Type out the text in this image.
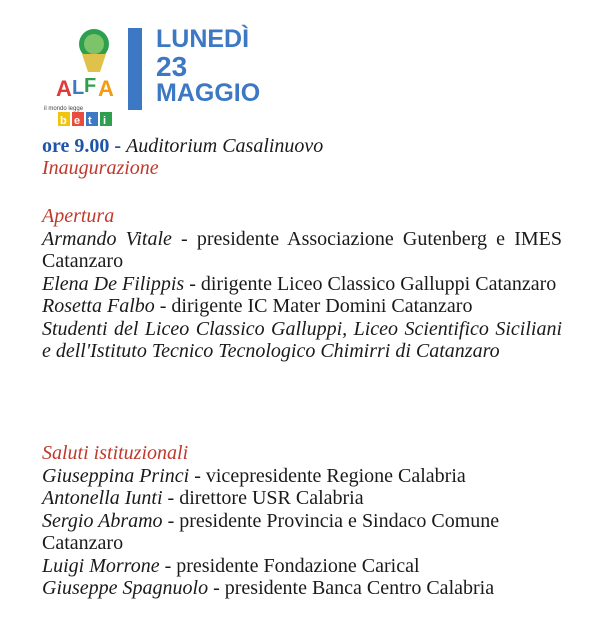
A L F A
il mondo legge
b e t i
LUNEDÌ
23
MAGGIO
ore 9.00 - Auditorium Casalinuovo

Inaugurazione

Apertura

Armando Vitale - presidente Associazione Gutenberg e IMES Catanzaro

Elena De Filippis - dirigente Liceo Classico Galluppi Catanzaro

Rosetta Falbo - dirigente IC Mater Domini Catanzaro

Studenti del Liceo Classico Galluppi, Liceo Scientifico Siciliani e dell'Istituto Tecnico Tecnologico Chimirri di Catanzaro

Saluti istituzionali

Giuseppina Princi - vicepresidente Regione Calabria

Antonella Iunti - direttore USR Calabria

Sergio Abramo - presidente Provincia e Sindaco Comune Catanzaro

Luigi Morrone - presidente Fondazione Carical

Giuseppe Spagnuolo - presidente Banca Centro Calabria
